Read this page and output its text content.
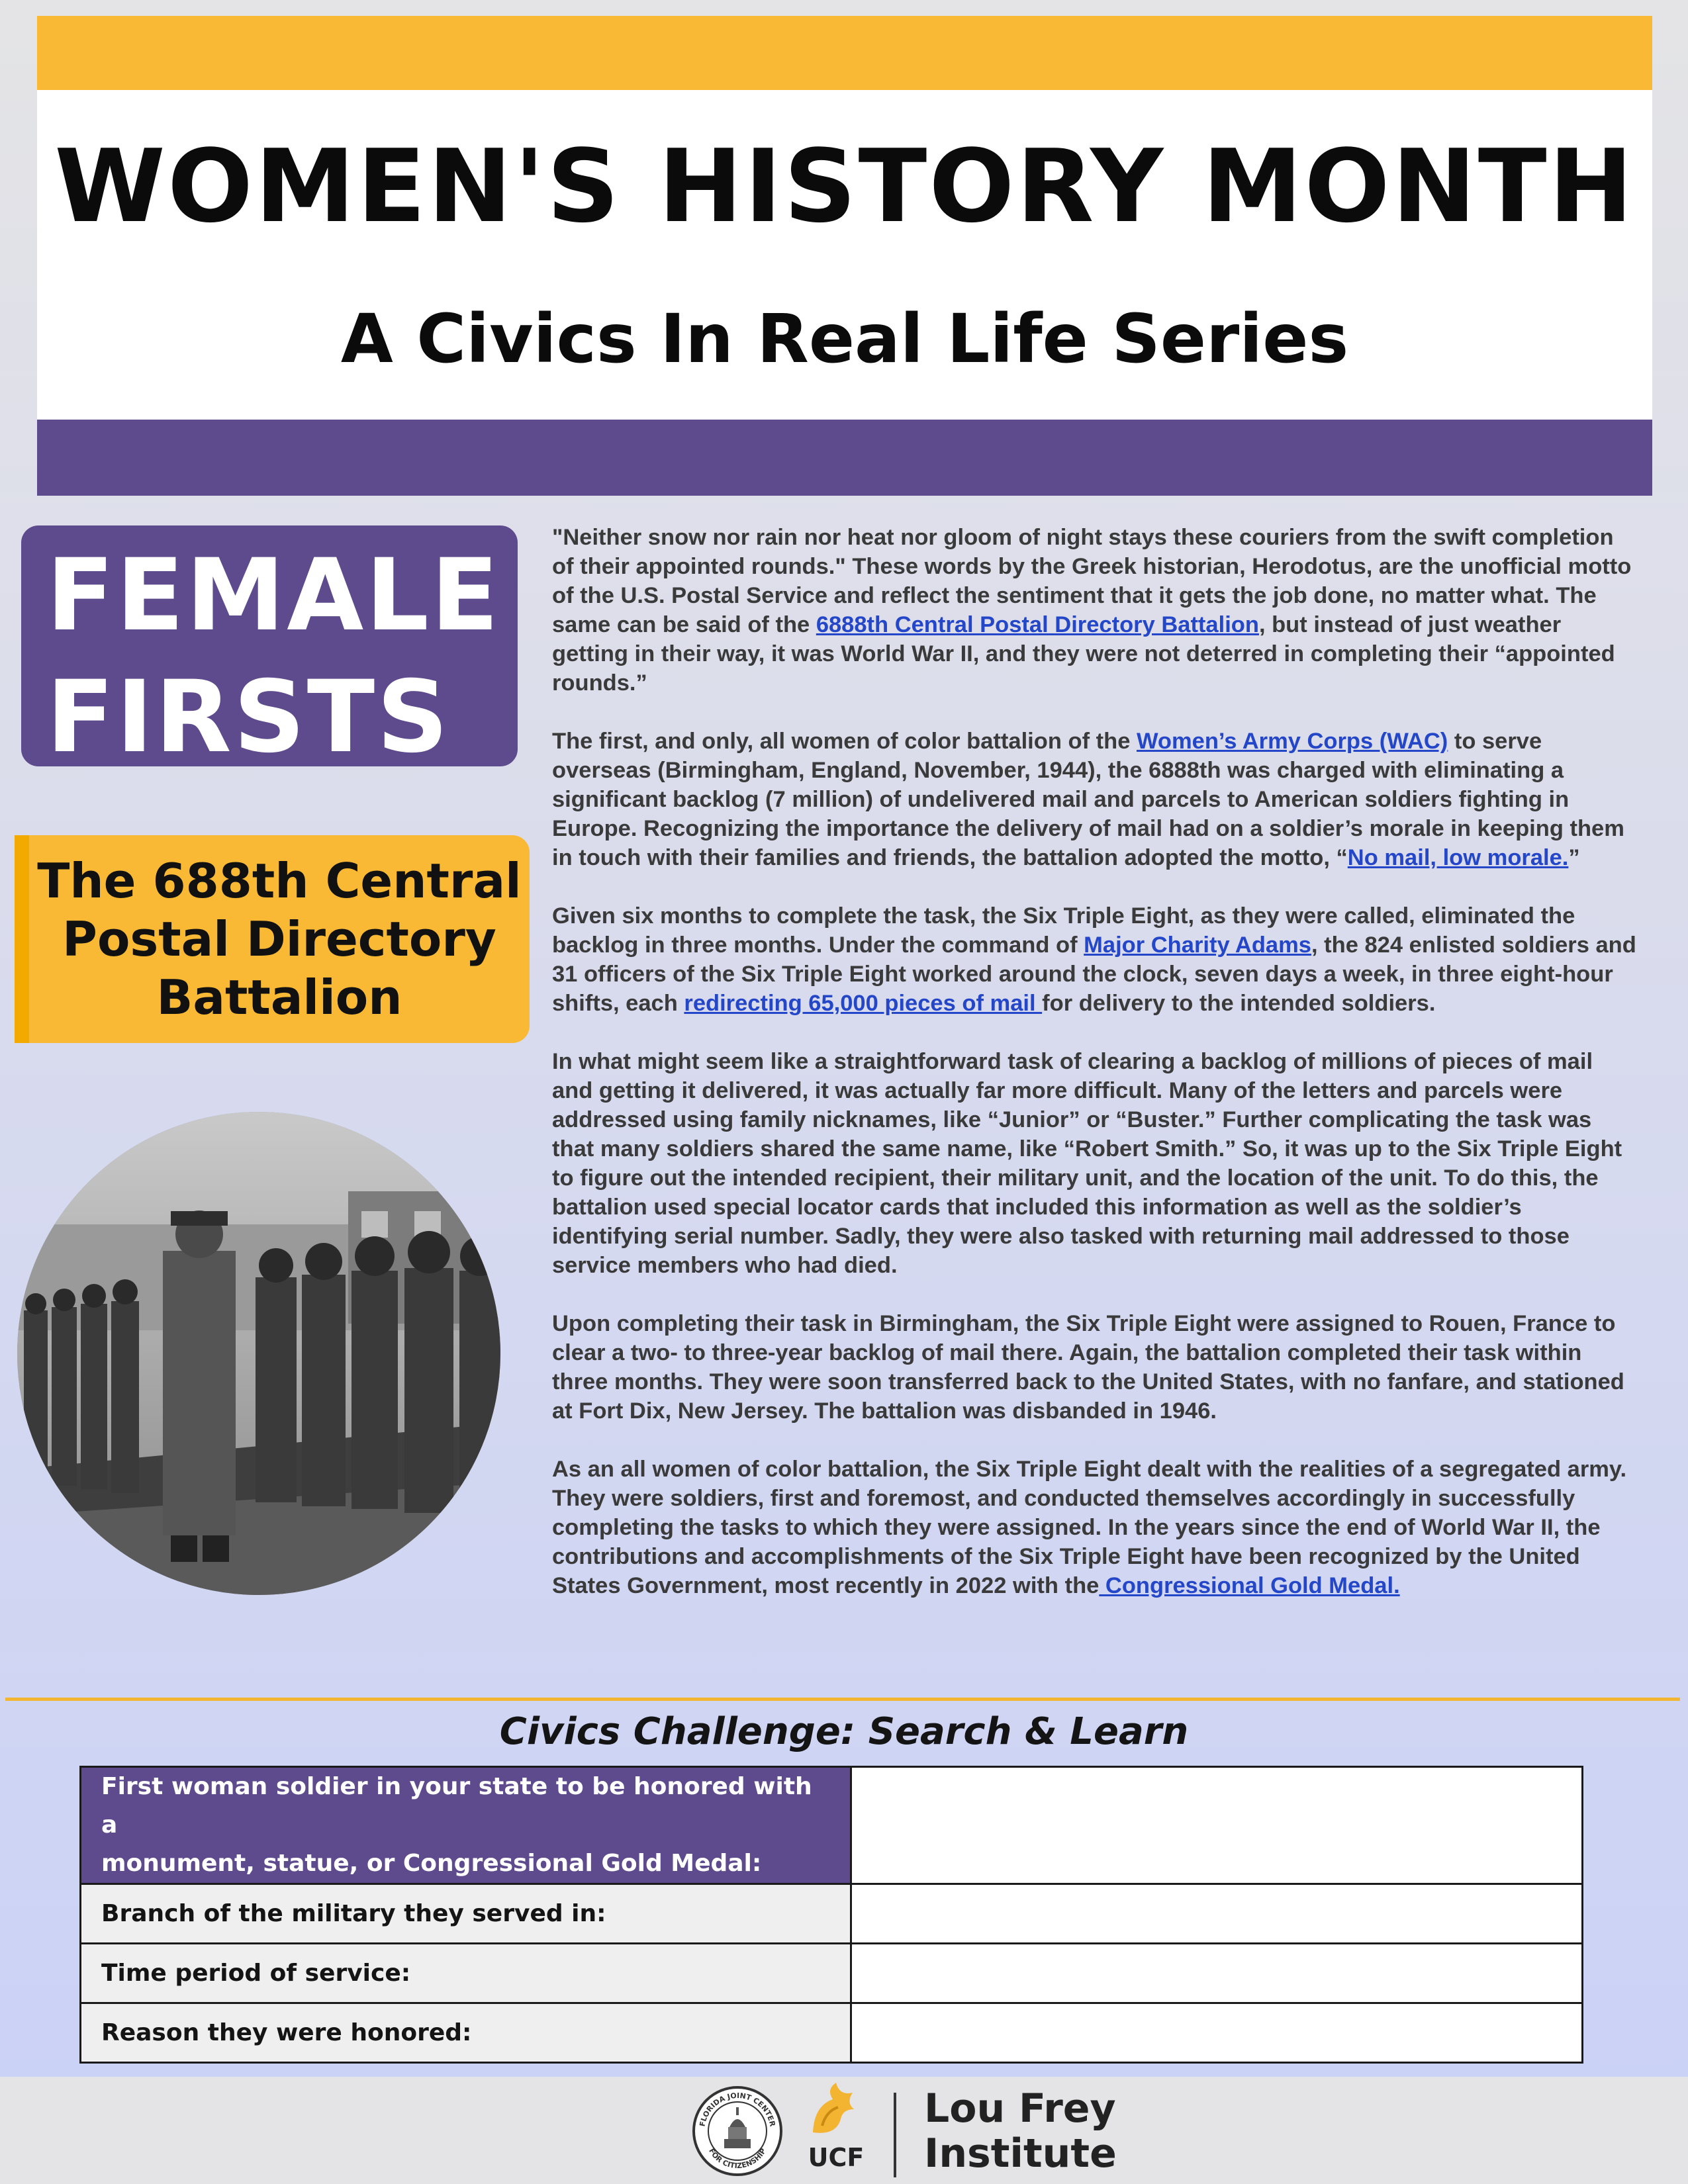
WOMEN'S HISTORY MONTH
A Civics In Real Life Series
FEMALE
FIRSTS
The 688th Central
Postal Directory
Battalion

"Neither snow nor rain nor heat nor gloom of night stays these couriers from the swift completion of their appointed rounds." These words by the Greek historian, Herodotus, are the unofficial motto of the U.S. Postal Service and reflect the sentiment that it gets the job done, no matter what. The same can be said of the 6888th Central Postal Directory Battalion, but instead of just weather getting in their way, it was World War II, and they were not deterred in completing their “appointed rounds.”

The first, and only, all women of color battalion of the Women’s Army Corps (WAC) to serve overseas (Birmingham, England, November, 1944), the 6888th was charged with eliminating a significant backlog (7 million) of undelivered mail and parcels to American soldiers fighting in Europe. Recognizing the importance the delivery of mail had on a soldier’s morale in keeping them in touch with their families and friends, the battalion adopted the motto, “No mail, low morale.”

Given six months to complete the task, the Six Triple Eight, as they were called, eliminated the backlog in three months. Under the command of Major Charity Adams, the 824 enlisted soldiers and 31 officers of the Six Triple Eight worked around the clock, seven days a week, in three eight-hour shifts, each redirecting 65,000 pieces of mail for delivery to the intended soldiers.

In what might seem like a straightforward task of clearing a backlog of millions of pieces of mail and getting it delivered, it was actually far more difficult. Many of the letters and parcels were addressed using family nicknames, like “Junior” or “Buster.” Further complicating the task was that many soldiers shared the same name, like “Robert Smith.” So, it was up to the Six Triple Eight to figure out the intended recipient, their military unit, and the location of the unit. To do this, the battalion used special locator cards that included this information as well as the soldier’s identifying serial number. Sadly, they were also tasked with returning mail addressed to those service members who had died.

Upon completing their task in Birmingham, the Six Triple Eight were assigned to Rouen, France to clear a two- to three-year backlog of mail there. Again, the battalion completed their task within three months. They were soon transferred back to the United States, with no fanfare, and stationed at Fort Dix, New Jersey. The battalion was disbanded in 1946.

As an all women of color battalion, the Six Triple Eight dealt with the realities of a segregated army. They were soldiers, first and foremost, and conducted themselves accordingly in successfully completing the tasks to which they were assigned. In the years since the end of World War II, the contributions and accomplishments of the Six Triple Eight have been recognized by the United States Government, most recently in 2022 with the Congressional Gold Medal.

Civics Challenge: Search & Learn
First woman soldier in your state to be honored with a
monument, statue, or Congressional Gold Medal:	

Branch of the military they served in:	
Time period of service:	
Reason they were honored:	
FLORIDA JOINT CENTER
FOR CITIZENSHIP	UCF
Lou Frey
Institute
